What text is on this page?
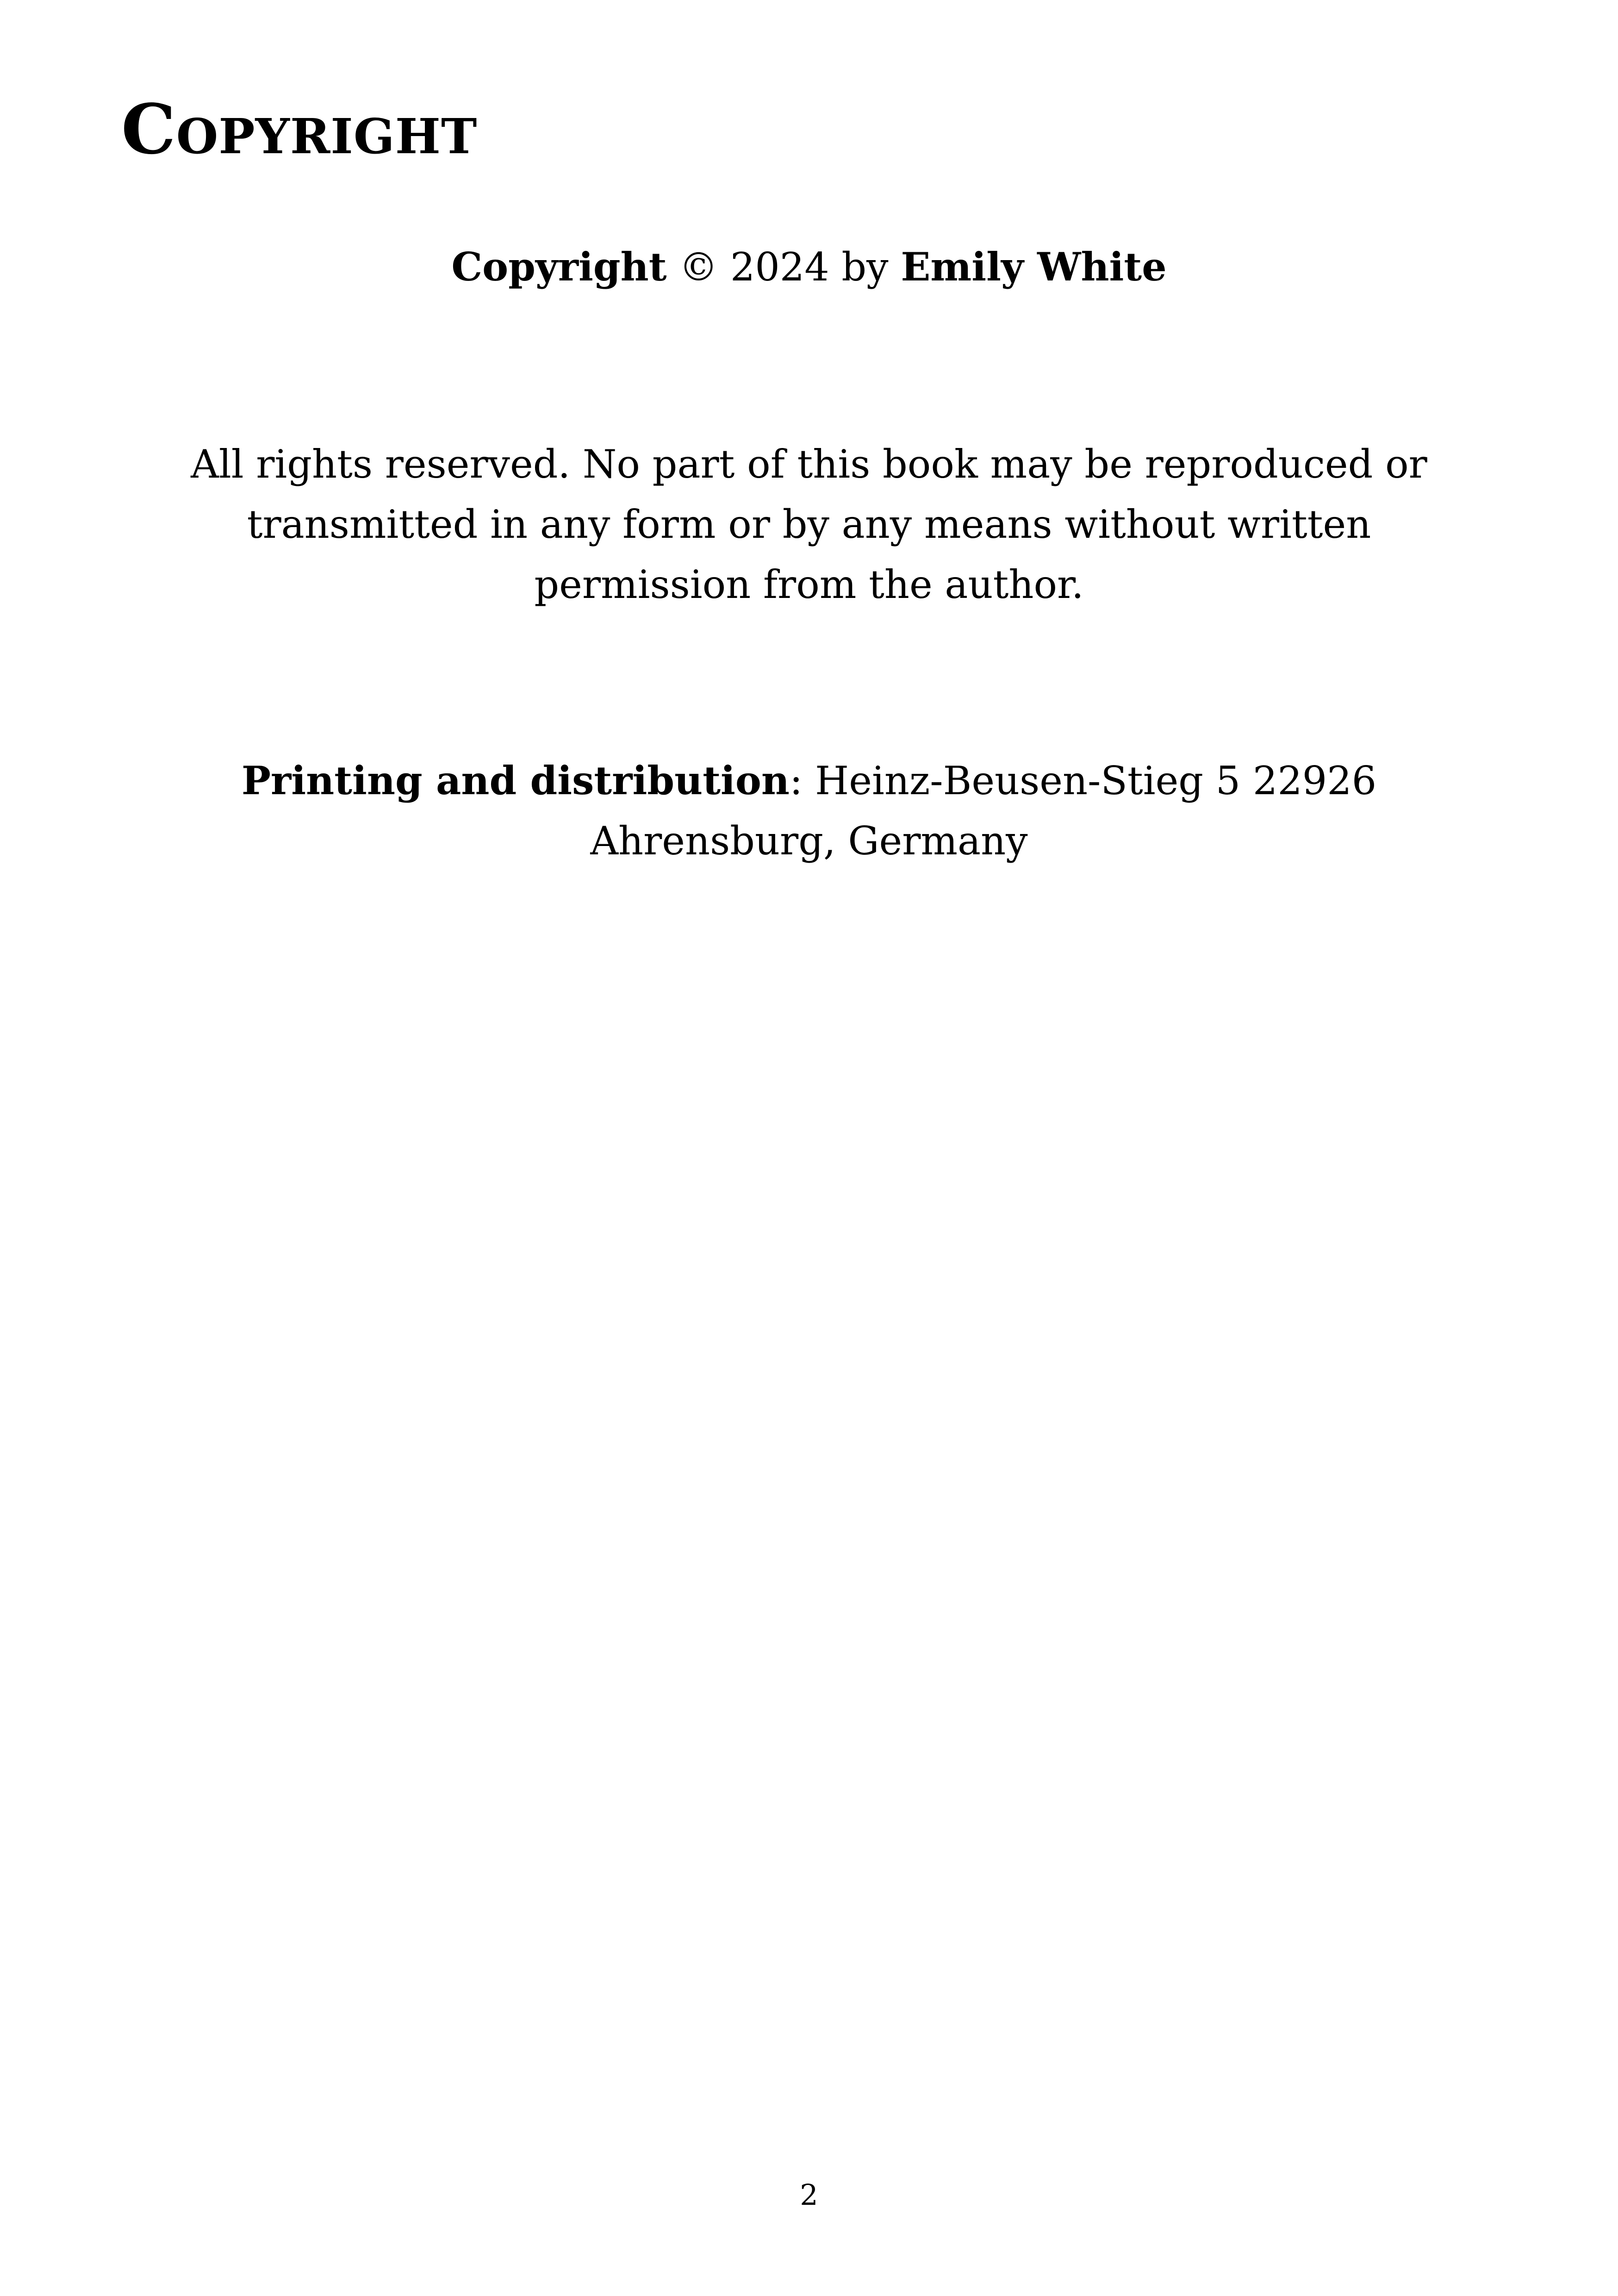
Copyright

Copyright © 2024 by Emily White

All rights reserved. No part of this book may be reproduced or transmitted in any form or by any means without written permission from the author.

Printing and distribution: Heinz-Beusen-Stieg 5 22926 Ahrensburg, Germany

2
